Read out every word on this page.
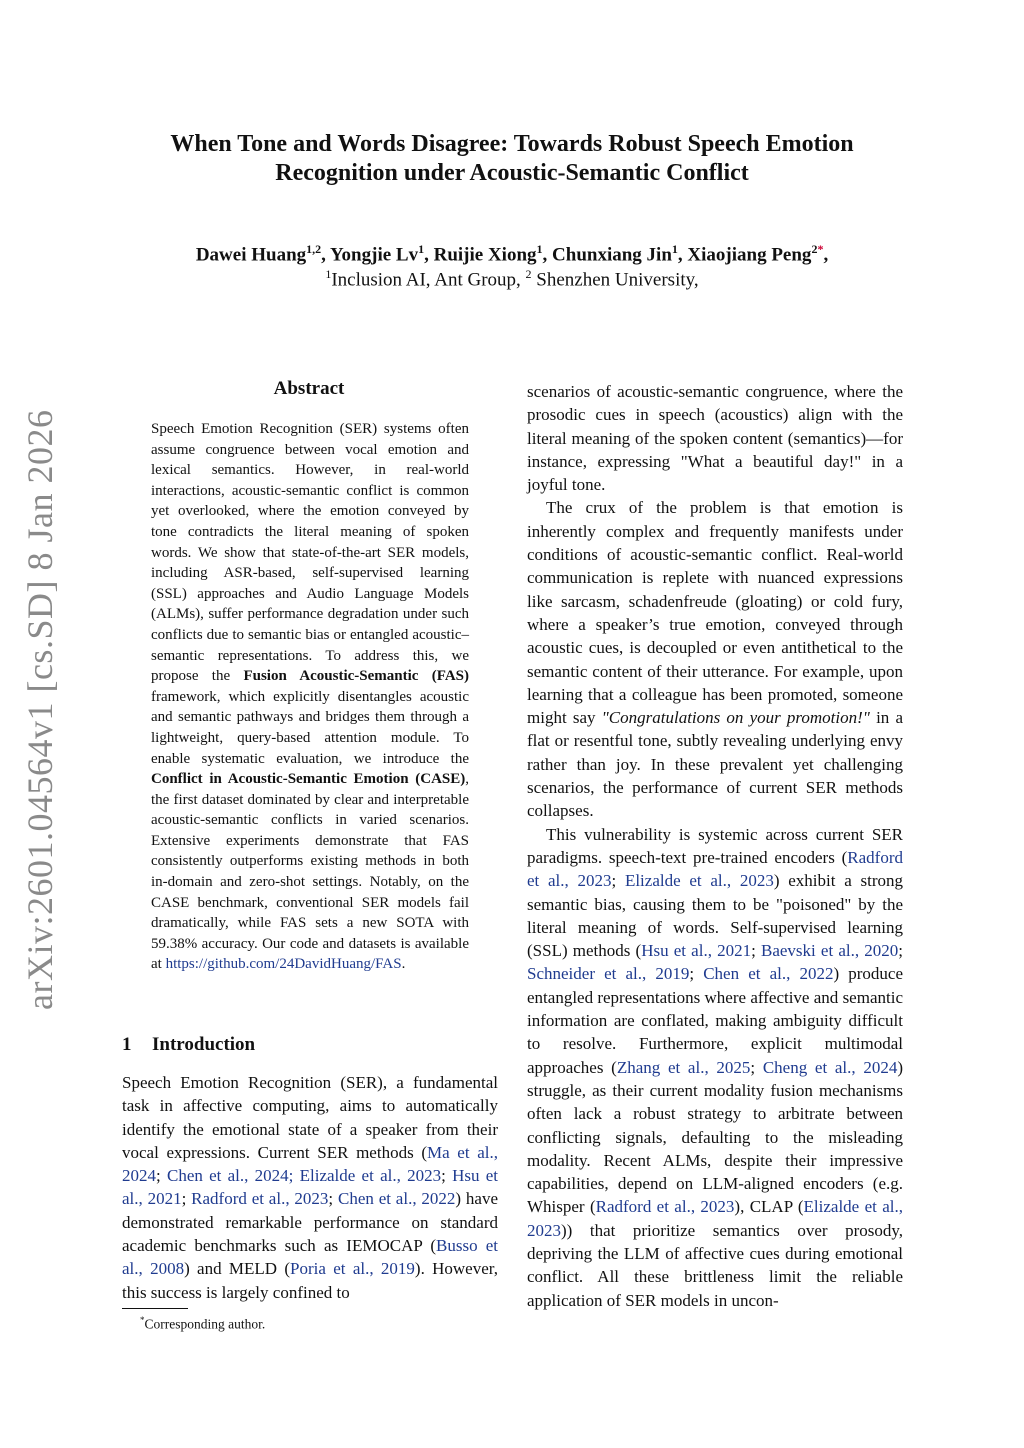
arXiv:2601.04564v1 [cs.SD] 8 Jan 2026
When Tone and Words Disagree: Towards Robust Speech Emotion
Recognition under Acoustic-Semantic Conflict
Dawei Huang$^{1,2}$, Yongjie Lv$^1$, Ruijie Xiong$^1$, Chunxiang Jin$^1$, Xiaojiang Peng$^{2*}$,
$^1$Inclusion AI, Ant Group, $^2$ Shenzhen University,
Abstract
Speech Emotion Recognition (SER) systems often assume congruence between vocal emotion and lexical semantics. However, in real-world interactions, acoustic-semantic conflict is common yet overlooked, where the emotion conveyed by tone contradicts the literal meaning of spoken words. We show that state-of-the-art SER models, including ASR-based, self-supervised learning (SSL) approaches and Audio Language Models (ALMs), suffer performance degradation under such conflicts due to semantic bias or entangled acoustic–semantic representations. To address this, we propose the Fusion Acoustic-Semantic (FAS) framework, which explicitly disentangles acoustic and semantic pathways and bridges them through a lightweight, query-based attention module. To enable systematic evaluation, we introduce the Conflict in Acoustic-Semantic Emotion (CASE), the first dataset dominated by clear and interpretable acoustic-semantic conflicts in varied scenarios. Extensive experiments demonstrate that FAS consistently outperforms existing methods in both in-domain and zero-shot settings. Notably, on the CASE benchmark, conventional SER models fail dramatically, while FAS sets a new SOTA with 59.38% accuracy. Our code and datasets is available at https://github.com/24DavidHuang/FAS.
1 Introduction

Speech Emotion Recognition (SER), a fundamental task in affective computing, aims to automatically identify the emotional state of a speaker from their vocal expressions. Current SER methods (Ma et al., 2024; Chen et al., 2024; Elizalde et al., 2023; Hsu et al., 2021; Radford et al., 2023; Chen et al., 2022) have demonstrated remarkable performance on standard academic benchmarks such as IEMOCAP (Busso et al., 2008) and MELD (Poria et al., 2019). However, this success is largely confined to

*Corresponding author.

scenarios of acoustic-semantic congruence, where the prosodic cues in speech (acoustics) align with the literal meaning of the spoken content (semantics)—for instance, expressing "What a beautiful day!" in a joyful tone.

The crux of the problem is that emotion is inherently complex and frequently manifests under conditions of acoustic-semantic conflict. Real-world communication is replete with nuanced expressions like sarcasm, schadenfreude (gloating) or cold fury, where a speaker’s true emotion, conveyed through acoustic cues, is decoupled or even antithetical to the semantic content of their utterance. For example, upon learning that a colleague has been promoted, someone might say "Congratulations on your promotion!" in a flat or resentful tone, subtly revealing underlying envy rather than joy. In these prevalent yet challenging scenarios, the performance of current SER methods collapses.

This vulnerability is systemic across current SER paradigms. speech-text pre-trained encoders (Radford et al., 2023; Elizalde et al., 2023) exhibit a strong semantic bias, causing them to be "poisoned" by the literal meaning of words. Self-supervised learning (SSL) methods (Hsu et al., 2021; Baevski et al., 2020; Schneider et al., 2019; Chen et al., 2022) produce entangled representations where affective and semantic information are conflated, making ambiguity difficult to resolve. Furthermore, explicit multimodal approaches (Zhang et al., 2025; Cheng et al., 2024) struggle, as their current modality fusion mechanisms often lack a robust strategy to arbitrate between conflicting signals, defaulting to the misleading modality. Recent ALMs, despite their impressive capabilities, depend on LLM-aligned encoders (e.g. Whisper (Radford et al., 2023), CLAP (Elizalde et al., 2023)) that prioritize semantics over prosody, depriving the LLM of affective cues during emotional conflict. All these brittleness limit the reliable application of SER models in uncon-
